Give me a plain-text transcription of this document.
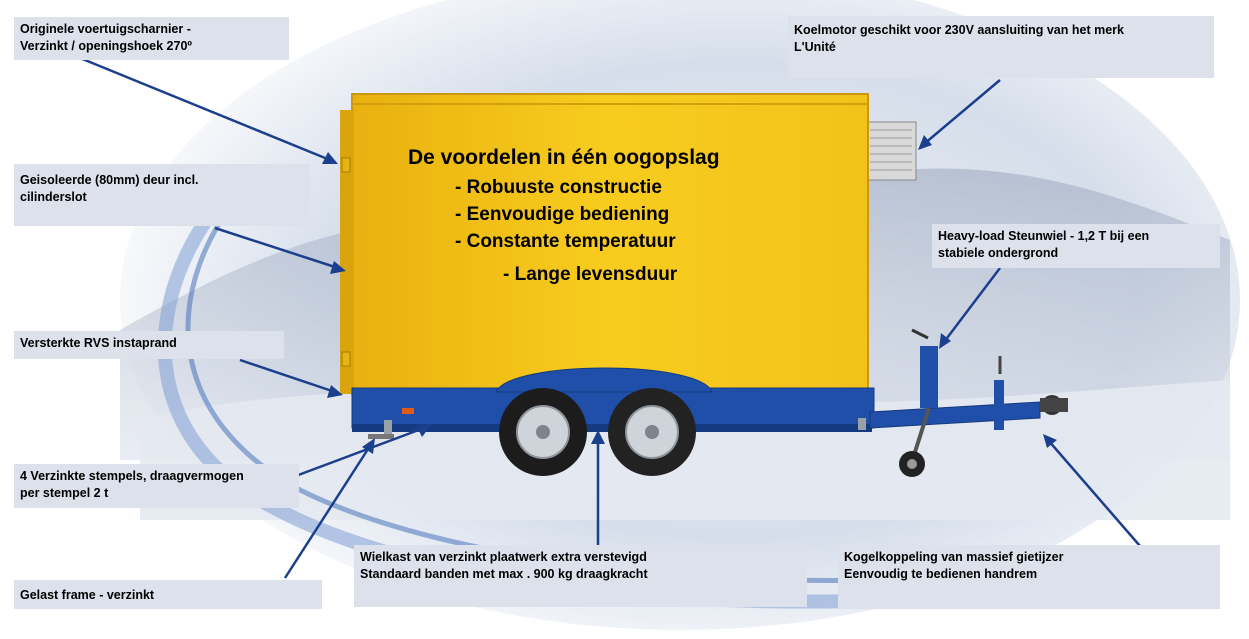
De voordelen in één oogopslag
- Robuuste constructie
- Eenvoudige bediening
- Constante temperatuur
- Lange levensduur
Originele voertuigscharnier -
Verzinkt / openingshoek 270º
Geisoleerde (80mm) deur incl.
cilinderslot
Versterkte RVS instaprand
4 Verzinkte stempels, draagvermogen
per stempel 2 t
Gelast frame - verzinkt
Koelmotor geschikt voor 230V aansluiting van het merk
L'Unité
Heavy-load Steunwiel - 1,2 T bij een
stabiele ondergrond
Wielkast van verzinkt plaatwerk extra verstevigd
Standaard banden met max . 900 kg draagkracht
Kogelkoppeling van massief gietijzer
Eenvoudig te bedienen handrem
